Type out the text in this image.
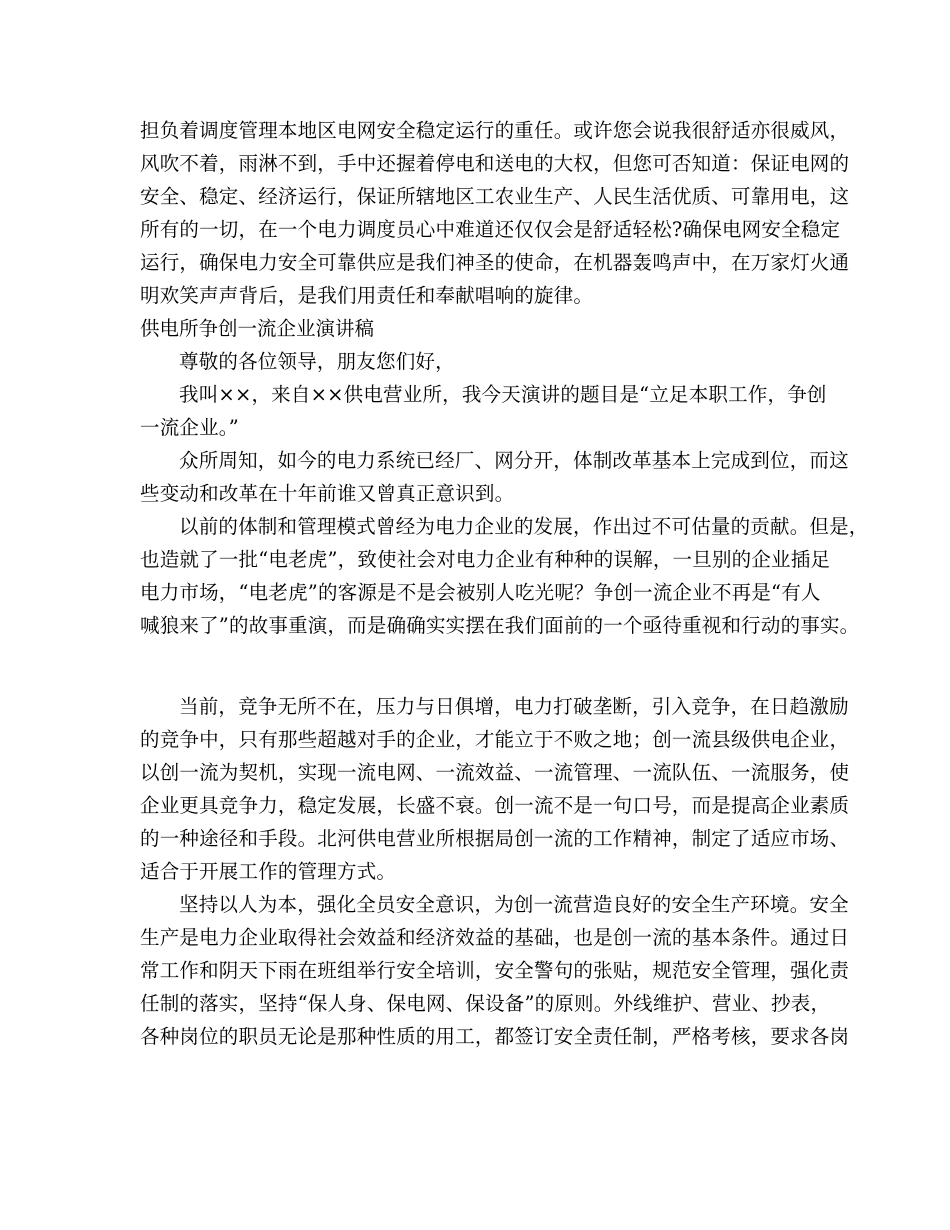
担负着调度管理本地区电网安全稳定运行的重任。或许您会说我很舒适亦很威风，
风吹不着，雨淋不到，手中还握着停电和送电的大权，但您可否知道：保证电网的
安全、稳定、经济运行，保证所辖地区工农业生产、人民生活优质、可靠用电，这
所有的一切，在一个电力调度员心中难道还仅仅会是舒适轻松?确保电网安全稳定
运行，确保电力安全可靠供应是我们神圣的使命，在机器轰鸣声中，在万家灯火通
明欢笑声声背后，是我们用责任和奉献唱响的旋律。
供电所争创一流企业演讲稿
尊敬的各位领导，朋友您们好，
我叫××，来自××供电营业所，我今天演讲的题目是“立足本职工作，争创
一流企业。”
众所周知，如今的电力系统已经厂、网分开，体制改革基本上完成到位，而这
些变动和改革在十年前谁又曾真正意识到。
以前的体制和管理模式曾经为电力企业的发展，作出过不可估量的贡献。但是，
也造就了一批“电老虎”，致使社会对电力企业有种种的误解，一旦别的企业插足
电力市场，“电老虎”的客源是不是会被别人吃光呢？争创一流企业不再是“有人
喊狼来了”的故事重演，而是确确实实摆在我们面前的一个亟待重视和行动的事实。
当前，竞争无所不在，压力与日俱增，电力打破垄断，引入竞争，在日趋激励
的竞争中，只有那些超越对手的企业，才能立于不败之地；创一流县级供电企业，
以创一流为契机，实现一流电网、一流效益、一流管理、一流队伍、一流服务，使
企业更具竞争力，稳定发展，长盛不衰。创一流不是一句口号，而是提高企业素质
的一种途径和手段。北河供电营业所根据局创一流的工作精神，制定了适应市场、
适合于开展工作的管理方式。
坚持以人为本，强化全员安全意识，为创一流营造良好的安全生产环境。安全
生产是电力企业取得社会效益和经济效益的基础，也是创一流的基本条件。通过日
常工作和阴天下雨在班组举行安全培训，安全警句的张贴，规范安全管理，强化责
任制的落实，坚持“保人身、保电网、保设备”的原则。外线维护、营业、抄表，
各种岗位的职员无论是那种性质的用工，都签订安全责任制，严格考核，要求各岗
